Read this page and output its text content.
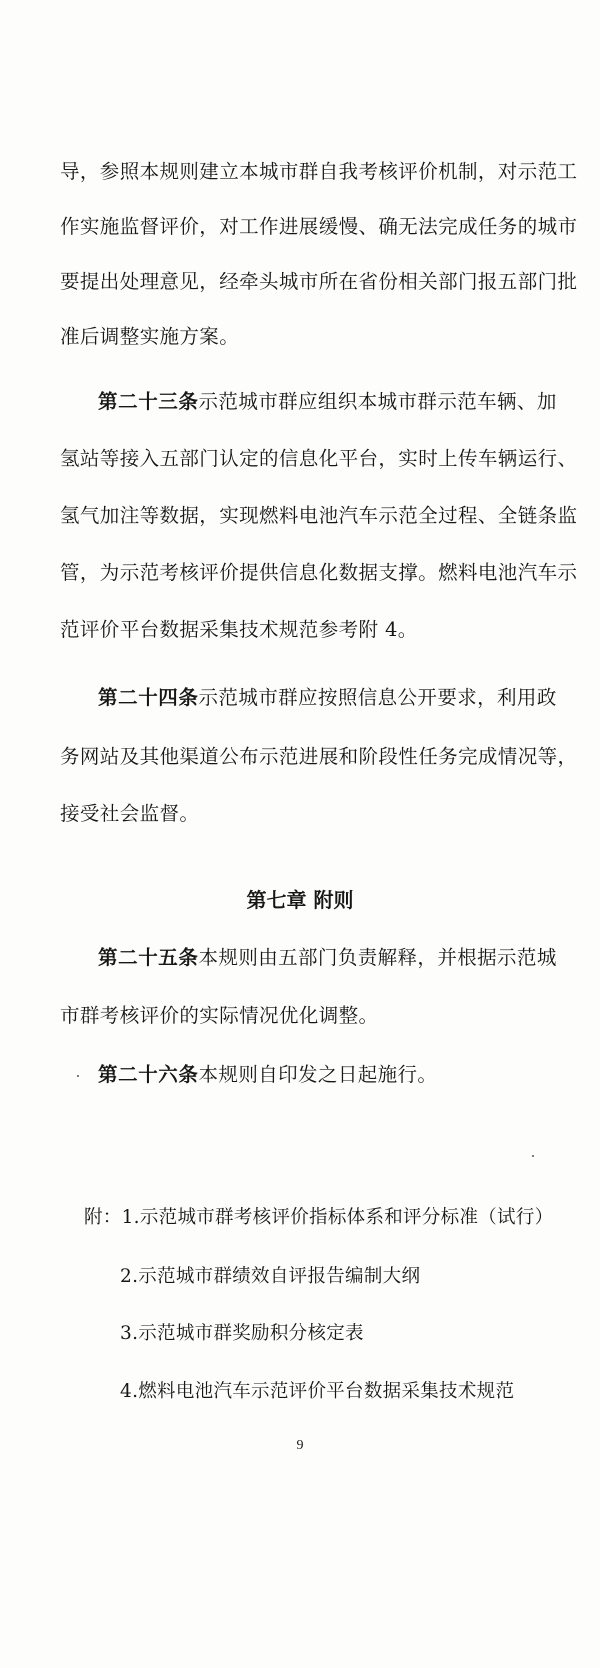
导，参照本规则建立本城市群自我考核评价机制，对示范工
作实施监督评价，对工作进展缓慢、确无法完成任务的城市
要提出处理意见，经牵头城市所在省份相关部门报五部门批
准后调整实施方案。
第二十三条示范城市群应组织本城市群示范车辆、加
氢站等接入五部门认定的信息化平台，实时上传车辆运行、
氢气加注等数据，实现燃料电池汽车示范全过程、全链条监
管，为示范考核评价提供信息化数据支撑。燃料电池汽车示
范评价平台数据采集技术规范参考附 4。
第二十四条示范城市群应按照信息公开要求，利用政
务网站及其他渠道公布示范进展和阶段性任务完成情况等，
接受社会监督。
第七章 附则
第二十五条本规则由五部门负责解释，并根据示范城
市群考核评价的实际情况优化调整。
第二十六条本规则自印发之日起施行。
附：1.示范城市群考核评价指标体系和评分标准（试行）
2.示范城市群绩效自评报告编制大纲
3.示范城市群奖励积分核定表
4.燃料电池汽车示范评价平台数据采集技术规范
9
